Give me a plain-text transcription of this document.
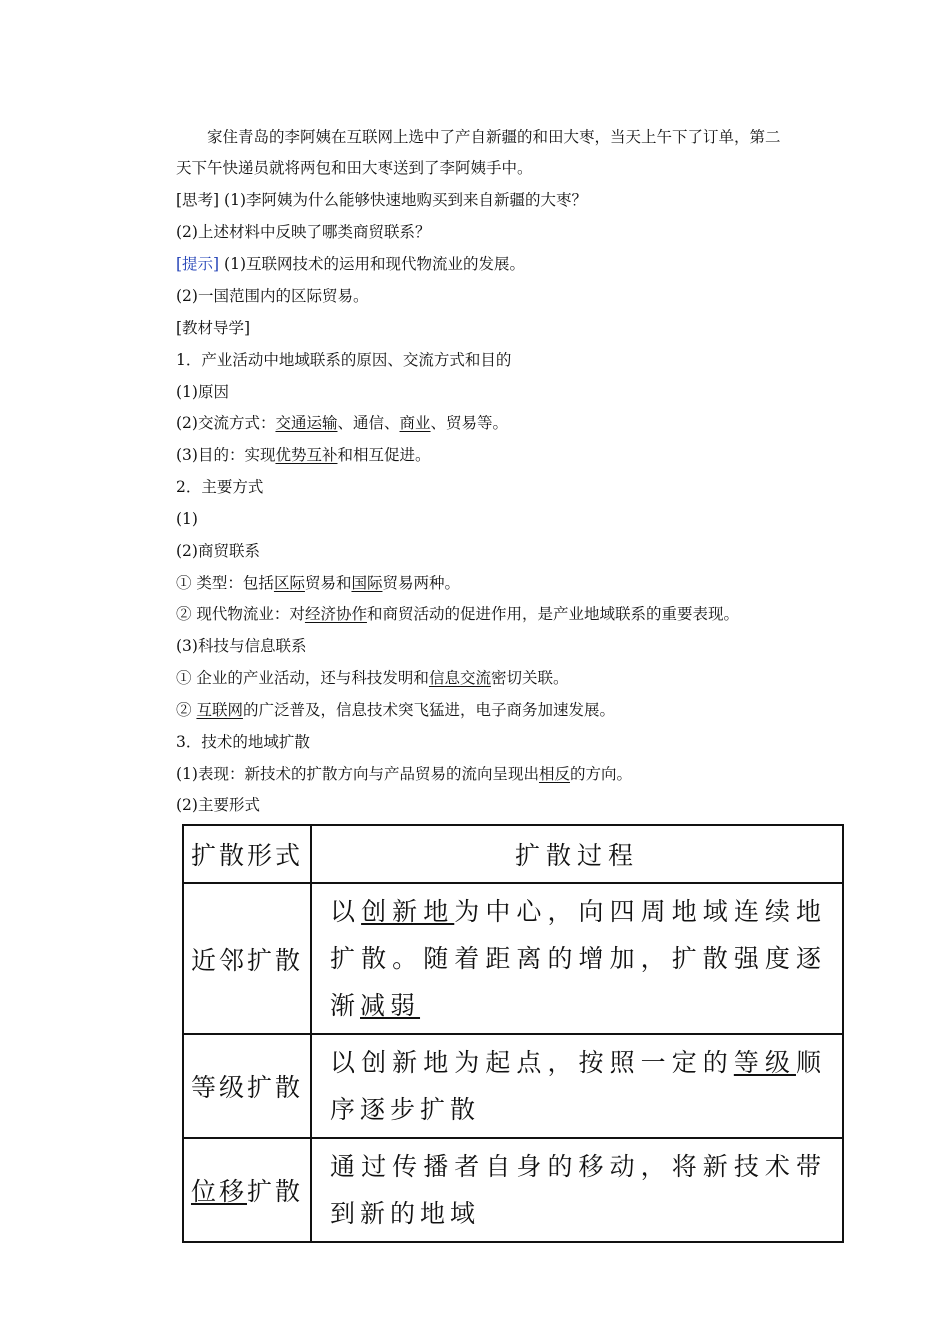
家住青岛的李阿姨在互联网上选中了产自新疆的和田大枣，当天上午下了订单，第二
天下午快递员就将两包和田大枣送到了李阿姨手中。
[思考] (1)李阿姨为什么能够快速地购买到来自新疆的大枣？
(2)上述材料中反映了哪类商贸联系？
[提示] (1)互联网技术的运用和现代物流业的发展。
(2)一国范围内的区际贸易。
[教材导学]
1．产业活动中地域联系的原因、交流方式和目的
(1)原因
(2)交流方式：交通运输、通信、商业、贸易等。
(3)目的：实现优势互补和相互促进。
2．主要方式
(1)
(2)商贸联系
① 类型：包括区际贸易和国际贸易两种。
② 现代物流业：对经济协作和商贸活动的促进作用，是产业地域联系的重要表现。
(3)科技与信息联系
① 企业的产业活动，还与科技发明和信息交流密切关联。
② 互联网的广泛普及，信息技术突飞猛进，电子商务加速发展。
3．技术的地域扩散
(1)表现：新技术的扩散方向与产品贸易的流向呈现出相反的方向。
(2)主要形式
扩散形式	扩散过程
近邻扩散	以创新地为中心，向四周地域连续地扩散。随着距离的增加，扩散强度逐渐减弱
等级扩散	以创新地为起点，按照一定的等级顺序逐步扩散
位移扩散	通过传播者自身的移动，将新技术带到新的地域
